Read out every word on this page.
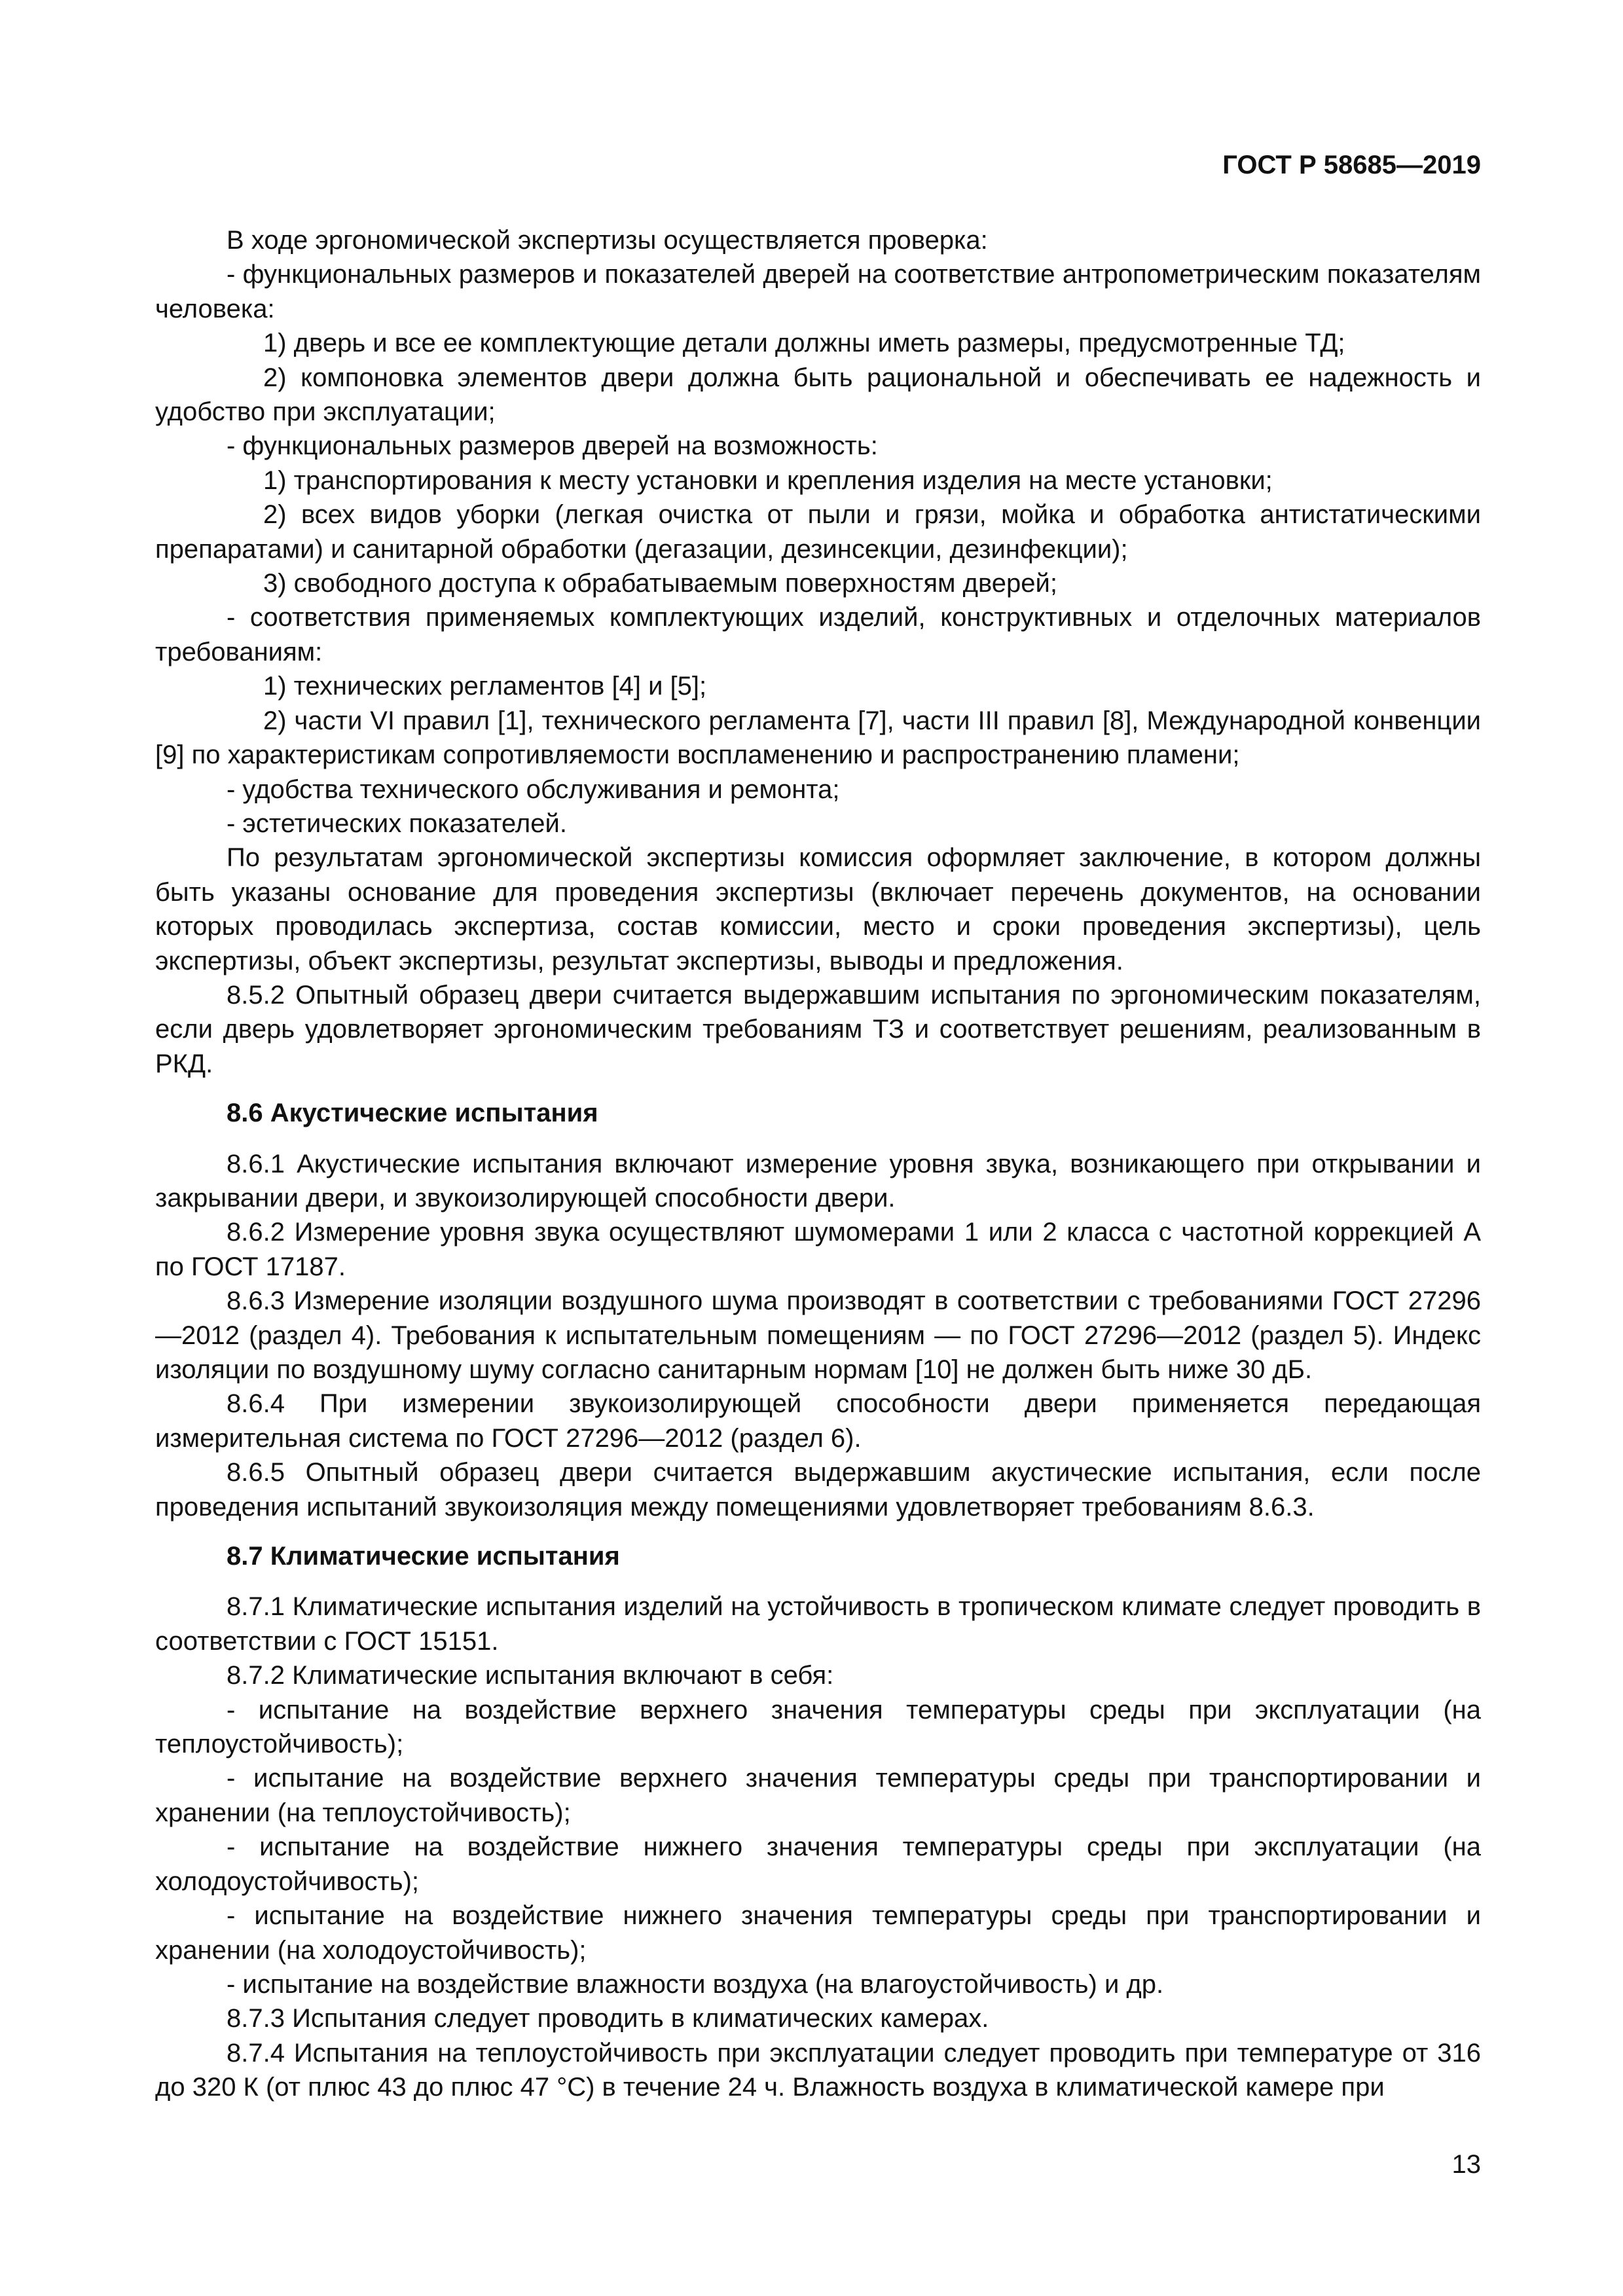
ГОСТ Р 58685—2019

В ходе эргономической экспертизы осуществляется проверка:

- функциональных размеров и показателей дверей на соответствие антропометрическим показателям человека:

1) дверь и все ее комплектующие детали должны иметь размеры, предусмотренные ТД;

2) компоновка элементов двери должна быть рациональной и обеспечивать ее надежность и удобство при эксплуатации;

- функциональных размеров дверей на возможность:

1) транспортирования к месту установки и крепления изделия на месте установки;

2) всех видов уборки (легкая очистка от пыли и грязи, мойка и обработка антистатическими препаратами) и санитарной обработки (дегазации, дезинсекции, дезинфекции);

3) свободного доступа к обрабатываемым поверхностям дверей;

- соответствия применяемых комплектующих изделий, конструктивных и отделочных материалов требованиям:

1) технических регламентов [4] и [5];

2) части VI правил [1], технического регламента [7], части III правил [8], Международной конвенции [9] по характеристикам сопротивляемости воспламенению и распространению пламени;

- удобства технического обслуживания и ремонта;

- эстетических показателей.

По результатам эргономической экспертизы комиссия оформляет заключение, в котором должны быть указаны основание для проведения экспертизы (включает перечень документов, на основании которых проводилась экспертиза, состав комиссии, место и сроки проведения экспертизы), цель экспертизы, объект экспертизы, результат экспертизы, выводы и предложения.

8.5.2 Опытный образец двери считается выдержавшим испытания по эргономическим показателям, если дверь удовлетворяет эргономическим требованиям ТЗ и соответствует решениям, реализованным в РКД.

8.6 Акустические испытания

8.6.1 Акустические испытания включают измерение уровня звука, возникающего при открывании и закрывании двери, и звукоизолирующей способности двери.

8.6.2 Измерение уровня звука осуществляют шумомерами 1 или 2 класса с частотной коррекцией А по ГОСТ 17187.

8.6.3 Измерение изоляции воздушного шума производят в соответствии с требованиями ГОСТ 27296—2012 (раздел 4). Требования к испытательным помещениям — по ГОСТ 27296—2012 (раздел 5). Индекс изоляции по воздушному шуму согласно санитарным нормам [10] не должен быть ниже 30 дБ.

8.6.4 При измерении звукоизолирующей способности двери применяется передающая измерительная система по ГОСТ 27296—2012 (раздел 6).

8.6.5 Опытный образец двери считается выдержавшим акустические испытания, если после проведения испытаний звукоизоляция между помещениями удовлетворяет требованиям 8.6.3.

8.7 Климатические испытания

8.7.1 Климатические испытания изделий на устойчивость в тропическом климате следует проводить в соответствии с ГОСТ 15151.

8.7.2 Климатические испытания включают в себя:

- испытание на воздействие верхнего значения температуры среды при эксплуатации (на теплоустойчивость);

- испытание на воздействие верхнего значения температуры среды при транспортировании и хранении (на теплоустойчивость);

- испытание на воздействие нижнего значения температуры среды при эксплуатации (на холодоустойчивость);

- испытание на воздействие нижнего значения температуры среды при транспортировании и хранении (на холодоустойчивость);

- испытание на воздействие влажности воздуха (на влагоустойчивость) и др.

8.7.3 Испытания следует проводить в климатических камерах.

8.7.4 Испытания на теплоустойчивость при эксплуатации следует проводить при температуре от 316 до 320 К (от плюс 43 до плюс 47 °С) в течение 24 ч. Влажность воздуха в климатической камере при

13
